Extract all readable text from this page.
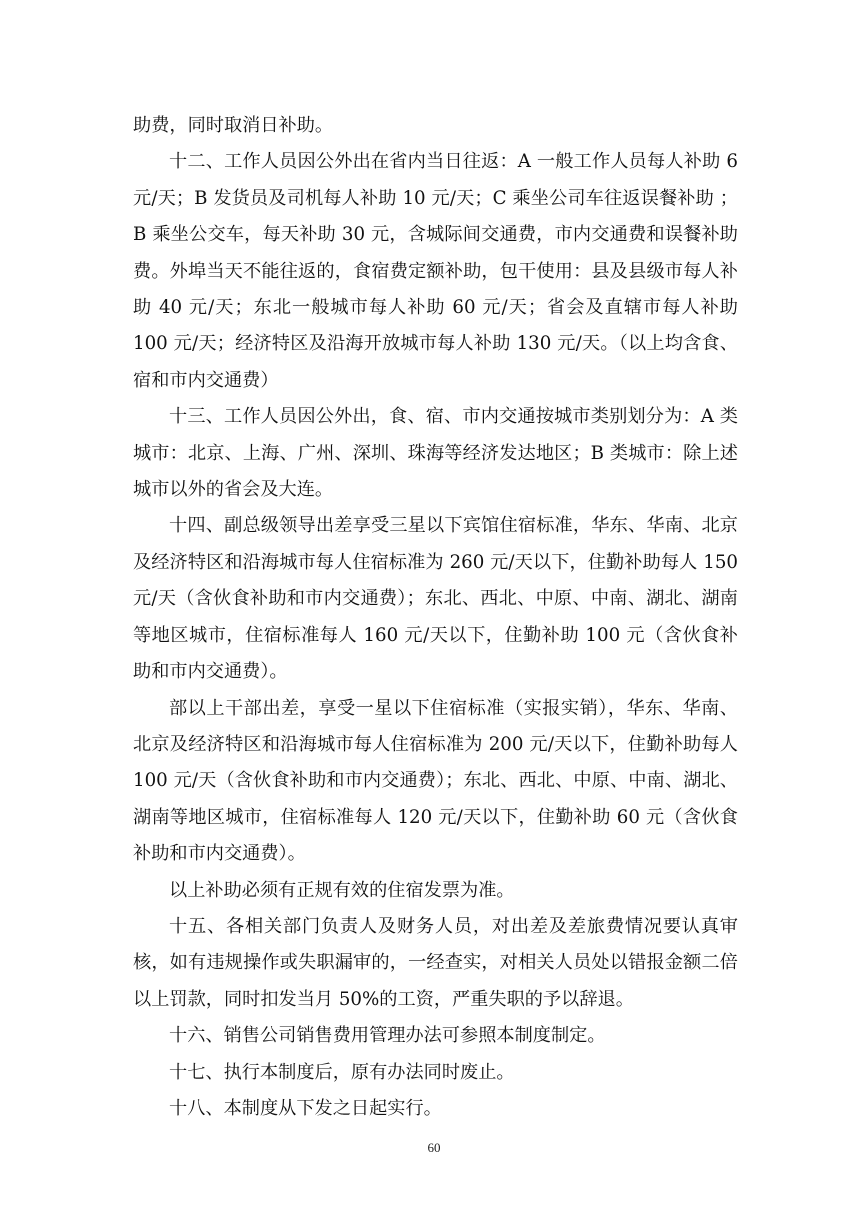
助费，同时取消日补助。

十二、工作人员因公外出在省内当日往返：A 一般工作人员每人补助 6 元/天；B 发货员及司机每人补助 10 元/天；C 乘坐公司车往返误餐补助 ；B 乘坐公交车，每天补助 30 元，含城际间交通费，市内交通费和误餐补助费。外埠当天不能往返的，食宿费定额补助，包干使用：县及县级市每人补助 40 元/天；东北一般城市每人补助 60 元/天；省会及直辖市每人补助 100 元/天；经济特区及沿海开放城市每人补助 130 元/天。（以上均含食、宿和市内交通费）

十三、工作人员因公外出，食、宿、市内交通按城市类别划分为：A 类城市：北京、上海、广州、深圳、珠海等经济发达地区；B 类城市：除上述城市以外的省会及大连。

十四、副总级领导出差享受三星以下宾馆住宿标准，华东、华南、北京及经济特区和沿海城市每人住宿标准为 260 元/天以下，住勤补助每人 150 元/天（含伙食补助和市内交通费）；东北、西北、中原、中南、湖北、湖南等地区城市，住宿标准每人 160 元/天以下，住勤补助 100 元（含伙食补助和市内交通费）。

部以上干部出差，享受一星以下住宿标准（实报实销），华东、华南、北京及经济特区和沿海城市每人住宿标准为 200 元/天以下，住勤补助每人 100 元/天（含伙食补助和市内交通费）；东北、西北、中原、中南、湖北、湖南等地区城市，住宿标准每人 120 元/天以下，住勤补助 60 元（含伙食补助和市内交通费）。

以上补助必须有正规有效的住宿发票为准。

十五、各相关部门负责人及财务人员，对出差及差旅费情况要认真审核，如有违规操作或失职漏审的，一经查实，对相关人员处以错报金额二倍以上罚款，同时扣发当月 50%的工资，严重失职的予以辞退。

十六、销售公司销售费用管理办法可参照本制度制定。

十七、执行本制度后，原有办法同时废止。

十八、本制度从下发之日起实行。

60
